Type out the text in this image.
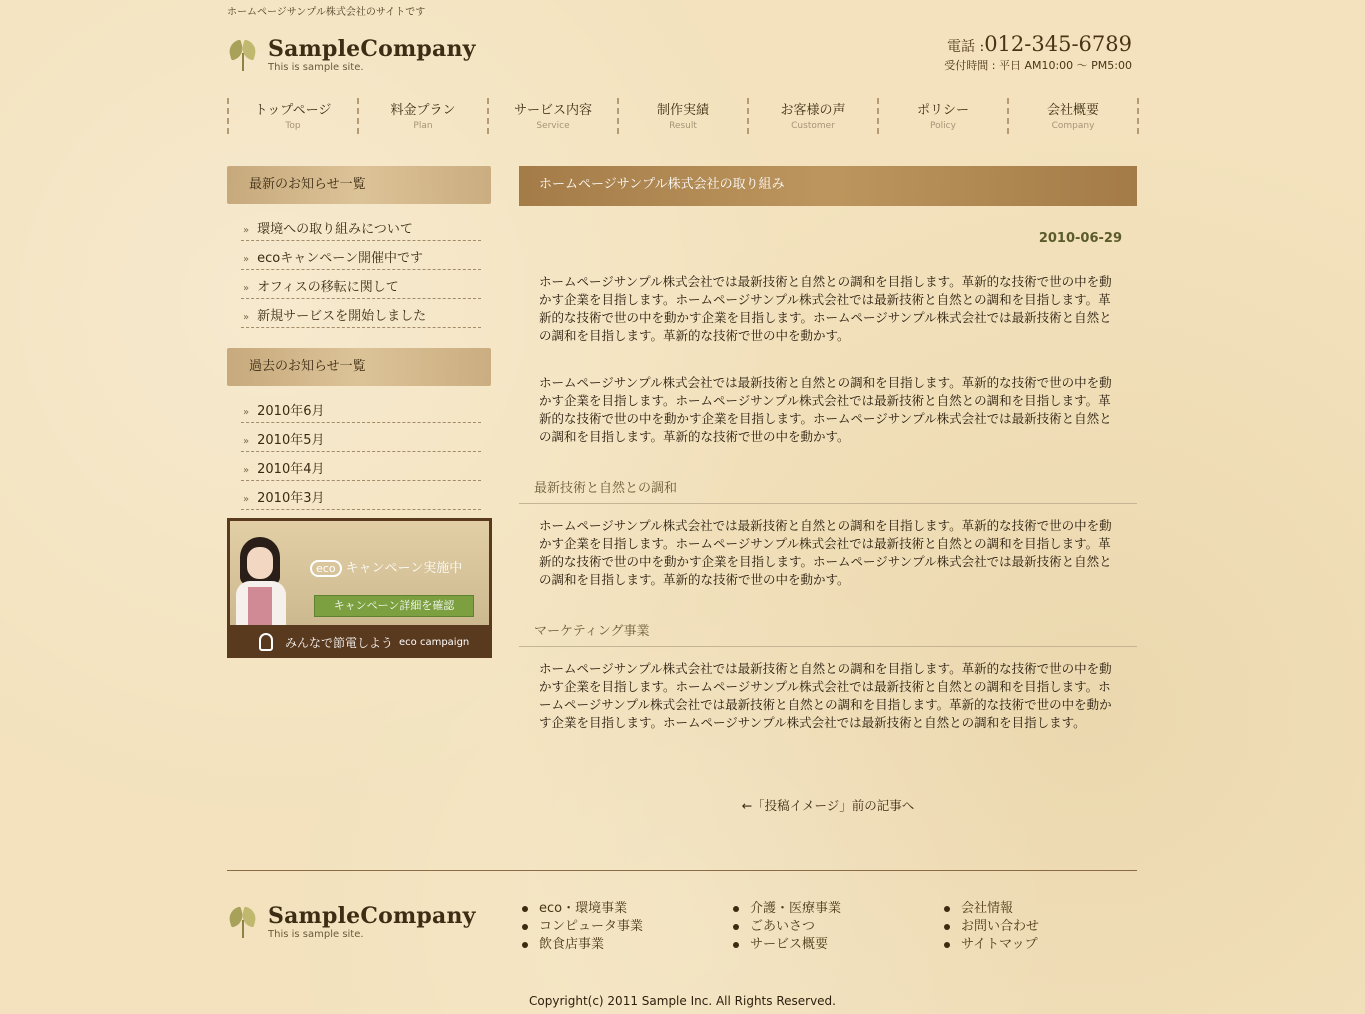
ホームページサンプル株式会社のサイトです
SampleCompany
This is sample site.
電話 :012-345-6789
受付時間 : 平日 AM10:00 〜 PM5:00
トップページ
Top
料金プラン
Plan
サービス内容
Service
制作実績
Result
お客様の声
Customer
ポリシー
Policy
会社概要
Company
最新のお知らせ一覧
» 環境への取り組みについて
» ecoキャンペーン開催中です
» オフィスの移転に関して
» 新規サービスを開始しました
過去のお知らせ一覧
» 2010年6月
» 2010年5月
» 2010年4月
» 2010年3月
eco キャンペーン実施中
キャンペーン詳細を確認
みんなで節電しよう eco campaign
ホームページサンプル株式会社の取り組み
2010-06-29
ホームページサンプル株式会社では最新技術と自然との調和を目指します。革新的な技術で世の中を動かす企業を目指します。ホームページサンプル株式会社では最新技術と自然との調和を目指します。革新的な技術で世の中を動かす企業を目指します。ホームページサンプル株式会社では最新技術と自然との調和を目指します。革新的な技術で世の中を動かす。
ホームページサンプル株式会社では最新技術と自然との調和を目指します。革新的な技術で世の中を動かす企業を目指します。ホームページサンプル株式会社では最新技術と自然との調和を目指します。革新的な技術で世の中を動かす企業を目指します。ホームページサンプル株式会社では最新技術と自然との調和を目指します。革新的な技術で世の中を動かす。
最新技術と自然との調和
ホームページサンプル株式会社では最新技術と自然との調和を目指します。革新的な技術で世の中を動かす企業を目指します。ホームページサンプル株式会社では最新技術と自然との調和を目指します。革新的な技術で世の中を動かす企業を目指します。ホームページサンプル株式会社では最新技術と自然との調和を目指します。革新的な技術で世の中を動かす。
マーケティング事業
ホームページサンプル株式会社では最新技術と自然との調和を目指します。革新的な技術で世の中を動かす企業を目指します。ホームページサンプル株式会社では最新技術と自然との調和を目指します。ホームページサンプル株式会社では最新技術と自然との調和を目指します。革新的な技術で世の中を動かす企業を目指します。ホームページサンプル株式会社では最新技術と自然との調和を目指します。
←「投稿イメージ」前の記事へ
SampleCompany
This is sample site.
eco・環境事業
コンピュータ事業
飲食店事業
介護・医療事業
ごあいさつ
サービス概要
会社情報
お問い合わせ
サイトマップ
Copyright(c) 2011 Sample Inc. All Rights Reserved.
